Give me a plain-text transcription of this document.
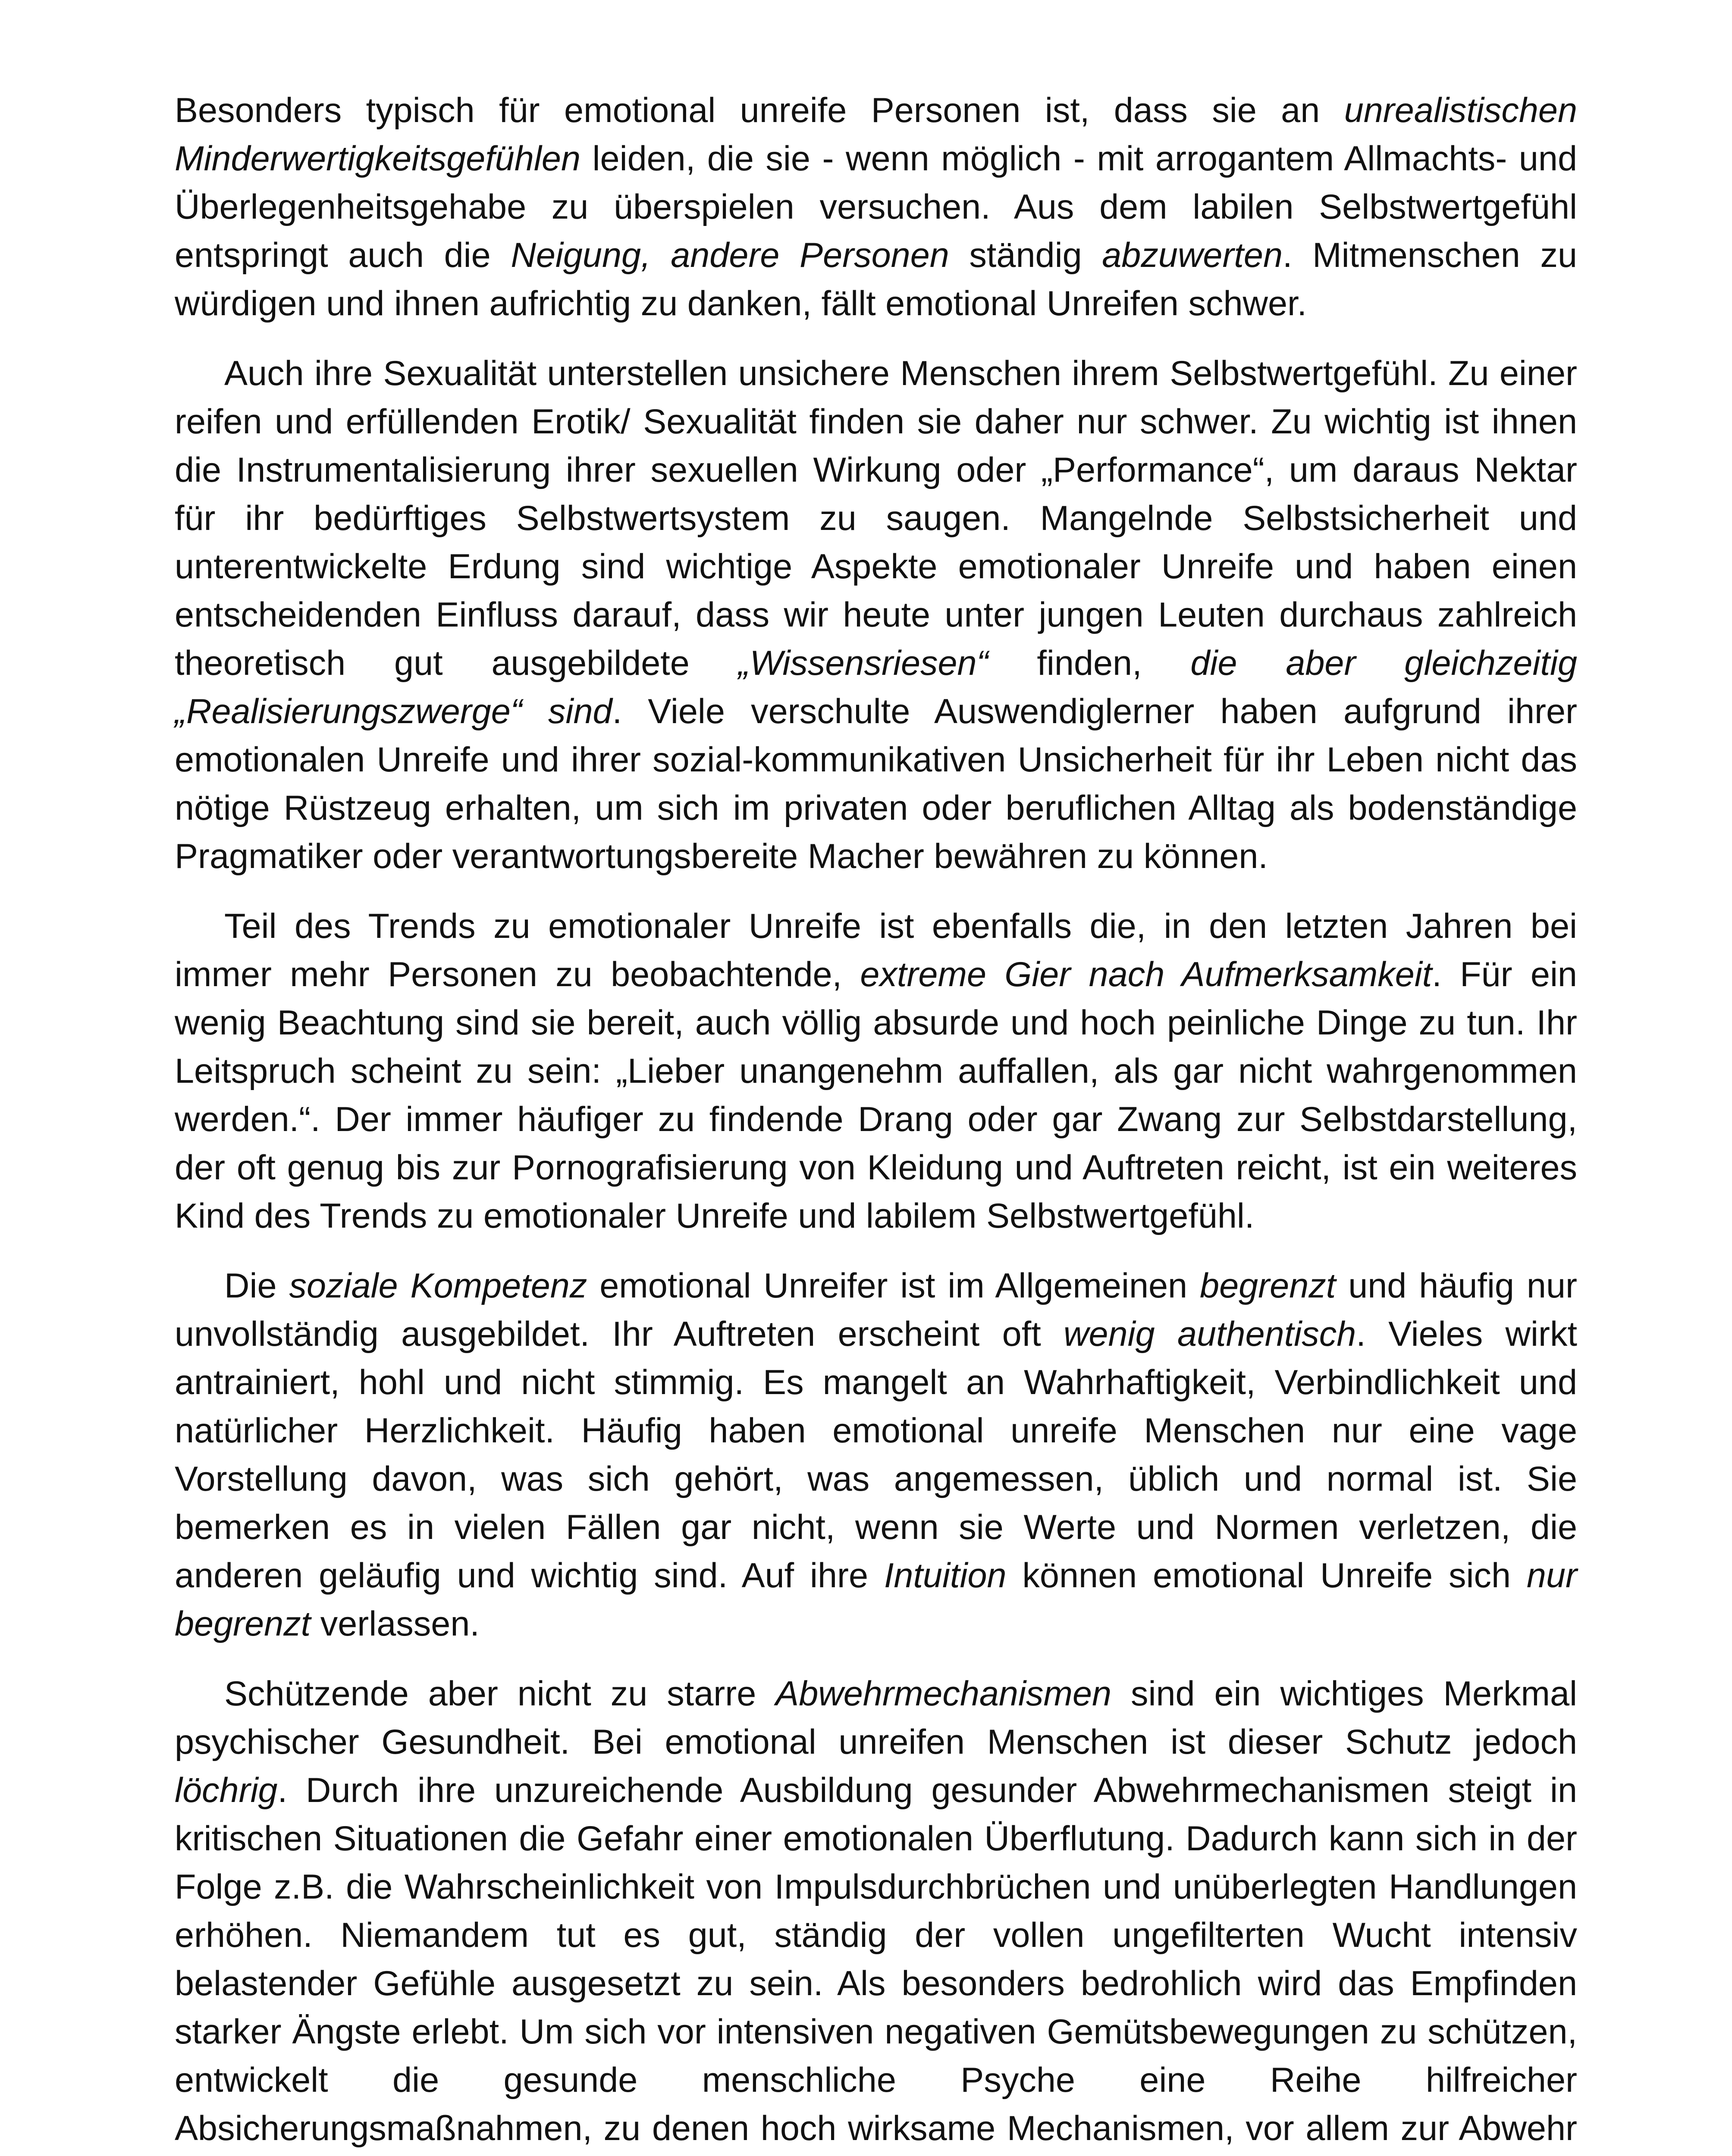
Besonders typisch für emotional unreife Personen ist, dass sie an unrealistischen Minderwertigkeitsgefühlen leiden, die sie - wenn möglich - mit arrogantem Allmachts- und Überlegenheitsgehabe zu überspielen versuchen. Aus dem labilen Selbstwertgefühl entspringt auch die Neigung, andere Personen ständig abzuwerten. Mitmenschen zu würdigen und ihnen aufrichtig zu danken, fällt emotional Unreifen schwer.

Auch ihre Sexualität unterstellen unsichere Menschen ihrem Selbstwertgefühl. Zu einer reifen und erfüllenden Erotik/ Sexualität finden sie daher nur schwer. Zu wichtig ist ihnen die Instrumentalisierung ihrer sexuellen Wirkung oder „Performance“, um daraus Nektar für ihr bedürftiges Selbstwertsystem zu saugen. Mangelnde Selbstsicherheit und unterentwickelte Erdung sind wichtige Aspekte emotionaler Unreife und haben einen entscheidenden Einfluss darauf, dass wir heute unter jungen Leuten durchaus zahlreich theoretisch gut ausgebildete „Wissensriesen“ finden, die aber gleichzeitig „Realisierungszwerge“ sind. Viele verschulte Auswendiglerner haben aufgrund ihrer emotionalen Unreife und ihrer sozial-kommunikativen Unsicherheit für ihr Leben nicht das nötige Rüstzeug erhalten, um sich im privaten oder beruflichen Alltag als bodenständige Pragmatiker oder verantwortungsbereite Macher bewähren zu können.

Teil des Trends zu emotionaler Unreife ist ebenfalls die, in den letzten Jahren bei immer mehr Personen zu beobachtende, extreme Gier nach Aufmerksamkeit. Für ein wenig Beachtung sind sie bereit, auch völlig absurde und hoch peinliche Dinge zu tun. Ihr Leitspruch scheint zu sein: „Lieber unangenehm auffallen, als gar nicht wahrgenommen werden.“. Der immer häufiger zu findende Drang oder gar Zwang zur Selbstdarstellung, der oft genug bis zur Pornografisierung von Kleidung und Auftreten reicht, ist ein weiteres Kind des Trends zu emotionaler Unreife und labilem Selbstwertgefühl.

Die soziale Kompetenz emotional Unreifer ist im Allgemeinen begrenzt und häufig nur unvollständig ausgebildet. Ihr Auftreten erscheint oft wenig authentisch. Vieles wirkt antrainiert, hohl und nicht stimmig. Es mangelt an Wahrhaftigkeit, Verbindlichkeit und natürlicher Herzlichkeit. Häufig haben emotional unreife Menschen nur eine vage Vorstellung davon, was sich gehört, was angemessen, üblich und normal ist. Sie bemerken es in vielen Fällen gar nicht, wenn sie Werte und Normen verletzen, die anderen geläufig und wichtig sind. Auf ihre Intuition können emotional Unreife sich nur begrenzt verlassen.

Schützende aber nicht zu starre Abwehrmechanismen sind ein wichtiges Merkmal psychischer Gesundheit. Bei emotional unreifen Menschen ist dieser Schutz jedoch löchrig. Durch ihre unzureichende Ausbildung gesunder Abwehrmechanismen steigt in kritischen Situationen die Gefahr einer emotionalen Überflutung. Dadurch kann sich in der Folge z.B. die Wahrscheinlichkeit von Impulsdurchbrüchen und unüberlegten Handlungen erhöhen. Niemandem tut es gut, ständig der vollen ungefilterten Wucht intensiv belastender Gefühle ausgesetzt zu sein. Als besonders bedrohlich wird das Empfinden starker Ängste erlebt. Um sich vor intensiven negativen Gemütsbewegungen zu schützen, entwickelt die gesunde menschliche Psyche eine Reihe hilfreicher Absicherungsmaßnahmen, zu denen hoch wirksame Mechanismen, vor allem zur Abwehr
